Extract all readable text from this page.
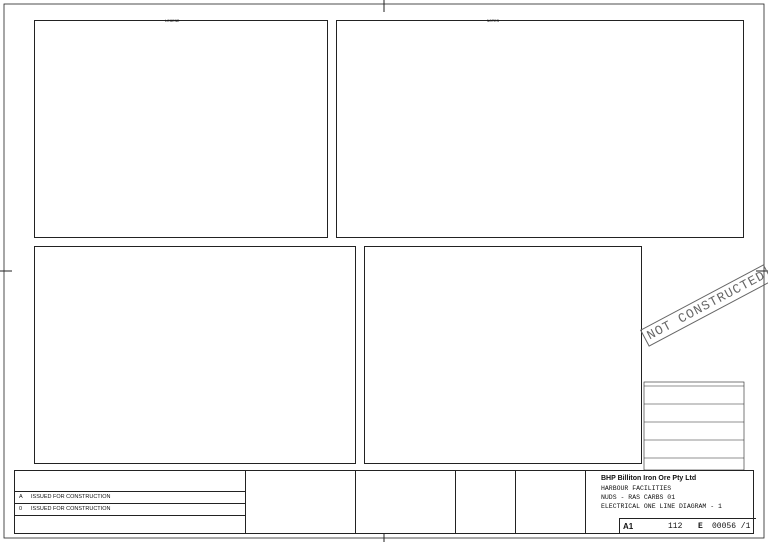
LEGEND	NOTES
NOT CONSTRUCTED
A ISSUED FOR CONSTRUCTION
0 ISSUED FOR CONSTRUCTION
BHP Billiton Iron Ore Pty Ltd
HARBOUR FACILITIES
NUDS - RAS CARBS 01
ELECTRICAL ONE LINE DIAGRAM - 1
A1	112 E 00056 /1
